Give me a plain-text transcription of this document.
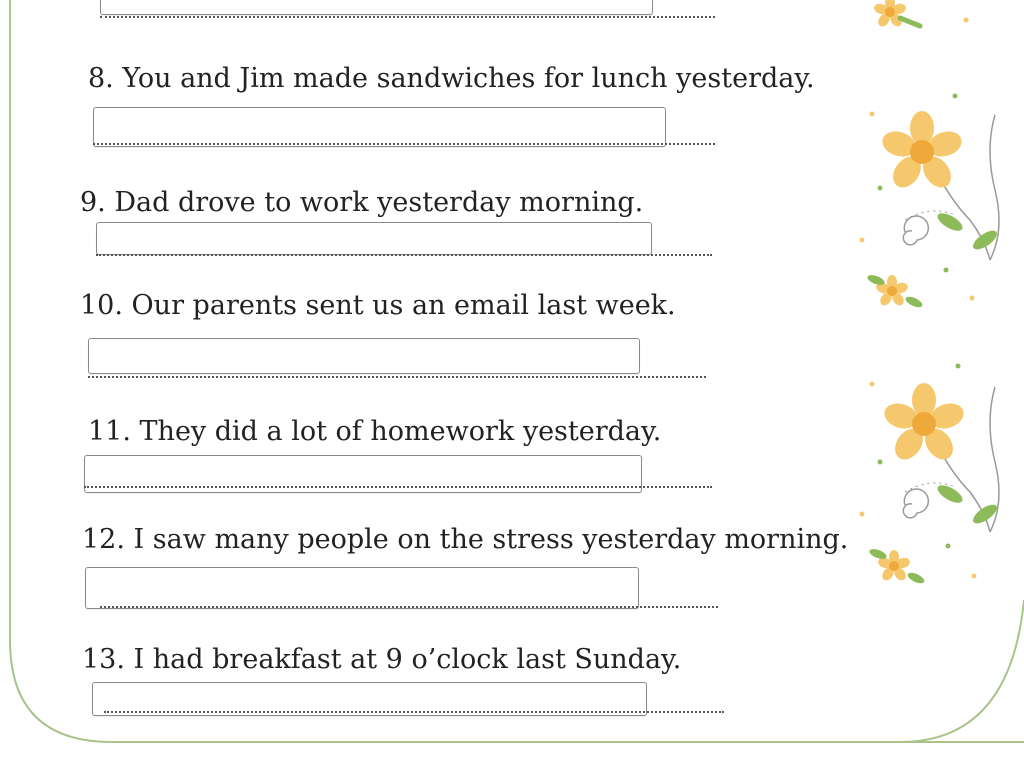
8. You and Jim made sandwiches for lunch yesterday.
9. Dad drove to work yesterday morning.
10. Our parents sent us an email last week.
11. They did a lot of homework yesterday.
12. I saw many people on the stress yesterday morning.
13. I had breakfast at 9 o’clock last Sunday.
